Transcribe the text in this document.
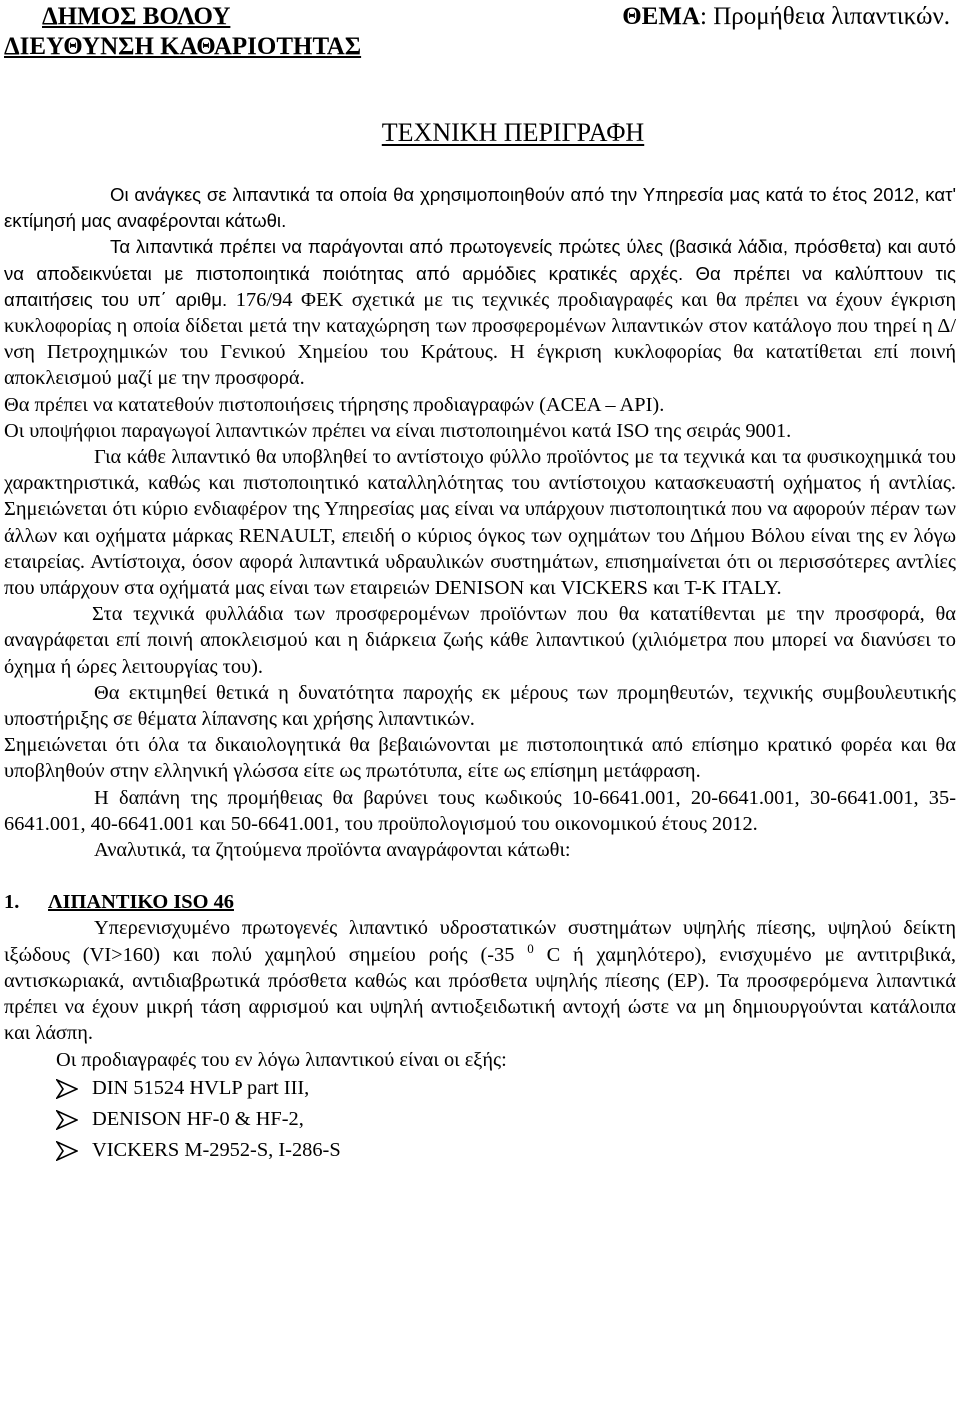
ΔΗΜΟΣ ΒΟΛΟΥ
ΔΙΕΥΘΥΝΣΗ ΚΑΘΑΡΙΟΤΗΤΑΣ
ΘΕΜΑ: Προμήθεια λιπαντικών.
ΤΕΧΝΙΚΗ ΠΕΡΙΓΡΑΦΗ

Οι ανάγκες σε λιπαντικά τα οποία θα χρησιμοποιηθούν από την Υπηρεσία μας κατά το έτος 2012, κατ' εκτίμησή μας αναφέρονται κάτωθι.

Τα λιπαντικά πρέπει να παράγονται από πρωτογενείς πρώτες ύλες (βασικά λάδια, πρόσθετα) και αυτό να αποδεικνύεται με πιστοποιητικά ποιότητας από αρμόδιες κρατικές αρχές. Θα πρέπει να καλύπτουν τις απαιτήσεις του υπ΄ αριθμ. 176/94 ΦΕΚ σχετικά με τις τεχνικές προδιαγραφές και θα πρέπει να έχουν έγκριση κυκλοφορίας η οποία δίδεται μετά την καταχώρηση των προσφερομένων λιπαντικών στον κατάλογο που τηρεί η Δ/νση Πετροχημικών του Γενικού Χημείου του Κράτους. Η έγκριση κυκλοφορίας θα κατατίθεται επί ποινή αποκλεισμού μαζί με την προσφορά.

Θα πρέπει να κατατεθούν πιστοποιήσεις τήρησης προδιαγραφών (ACEA – API).

Οι υποψήφιοι παραγωγοί λιπαντικών πρέπει να είναι πιστοποιημένοι κατά ISO της σειράς 9001.

Για κάθε λιπαντικό θα υποβληθεί το αντίστοιχο φύλλο προϊόντος με τα τεχνικά και τα φυσικοχημικά του χαρακτηριστικά, καθώς και πιστοποιητικό καταλληλότητας του αντίστοιχου κατασκευαστή οχήματος ή αντλίας. Σημειώνεται ότι κύριο ενδιαφέρον της Υπηρεσίας μας είναι να υπάρχουν πιστοποιητικά που να αφορούν πέραν των άλλων και οχήματα μάρκας RENAULT, επειδή ο κύριος όγκος των οχημάτων του Δήμου Βόλου είναι της εν λόγω εταιρείας. Αντίστοιχα, όσον αφορά λιπαντικά υδραυλικών συστημάτων, επισημαίνεται ότι οι περισσότερες αντλίες που υπάρχουν στα οχήματά μας είναι των εταιρειών DENISON και VICKERS και T-K ITALY.

Στα τεχνικά φυλλάδια των προσφερομένων προϊόντων που θα κατατίθενται με την προσφορά, θα αναγράφεται επί ποινή αποκλεισμού και η διάρκεια ζωής κάθε λιπαντικού (χιλιόμετρα που μπορεί να διανύσει το όχημα ή ώρες λειτουργίας του).

Θα εκτιμηθεί θετικά η δυνατότητα παροχής εκ μέρους των προμηθευτών, τεχνικής συμβουλευτικής υποστήριξης σε θέματα λίπανσης και χρήσης λιπαντικών.

Σημειώνεται ότι όλα τα δικαιολογητικά θα βεβαιώνονται με πιστοποιητικά από επίσημο κρατικό φορέα και θα υποβληθούν στην ελληνική γλώσσα είτε ως πρωτότυπα, είτε ως επίσημη μετάφραση.

Η δαπάνη της προμήθειας θα βαρύνει τους κωδικούς 10-6641.001, 20-6641.001, 30-6641.001, 35-6641.001, 40-6641.001 και 50-6641.001, του προϋπολογισμού του οικονομικού έτους 2012.

Αναλυτικά, τα ζητούμενα προϊόντα αναγράφονται κάτωθι:

1. ΛΙΠΑΝΤΙΚΟ ISO 46

Υπερενισχυμένο πρωτογενές λιπαντικό υδροστατικών συστημάτων υψηλής πίεσης, υψηλού δείκτη ιξώδους (VI>160) και πολύ χαμηλού σημείου ροής (-35 $^0$ C ή χαμηλότερο), ενισχυμένο με αντιτριβικά, αντισκωριακά, αντιδιαβρωτικά πρόσθετα καθώς και πρόσθετα υψηλής πίεσης (EP). Τα προσφερόμενα λιπαντικά πρέπει να έχουν μικρή τάση αφρισμού και υψηλή αντιοξειδωτική αντοχή ώστε να μη δημιουργούνται κατάλοιπα και λάσπη.

Οι προδιαγραφές του εν λόγω λιπαντικού είναι οι εξής:

DIN 51524 HVLP part III,
DENISON HF-0 & HF-2,
VICKERS M-2952-S, I-286-S
